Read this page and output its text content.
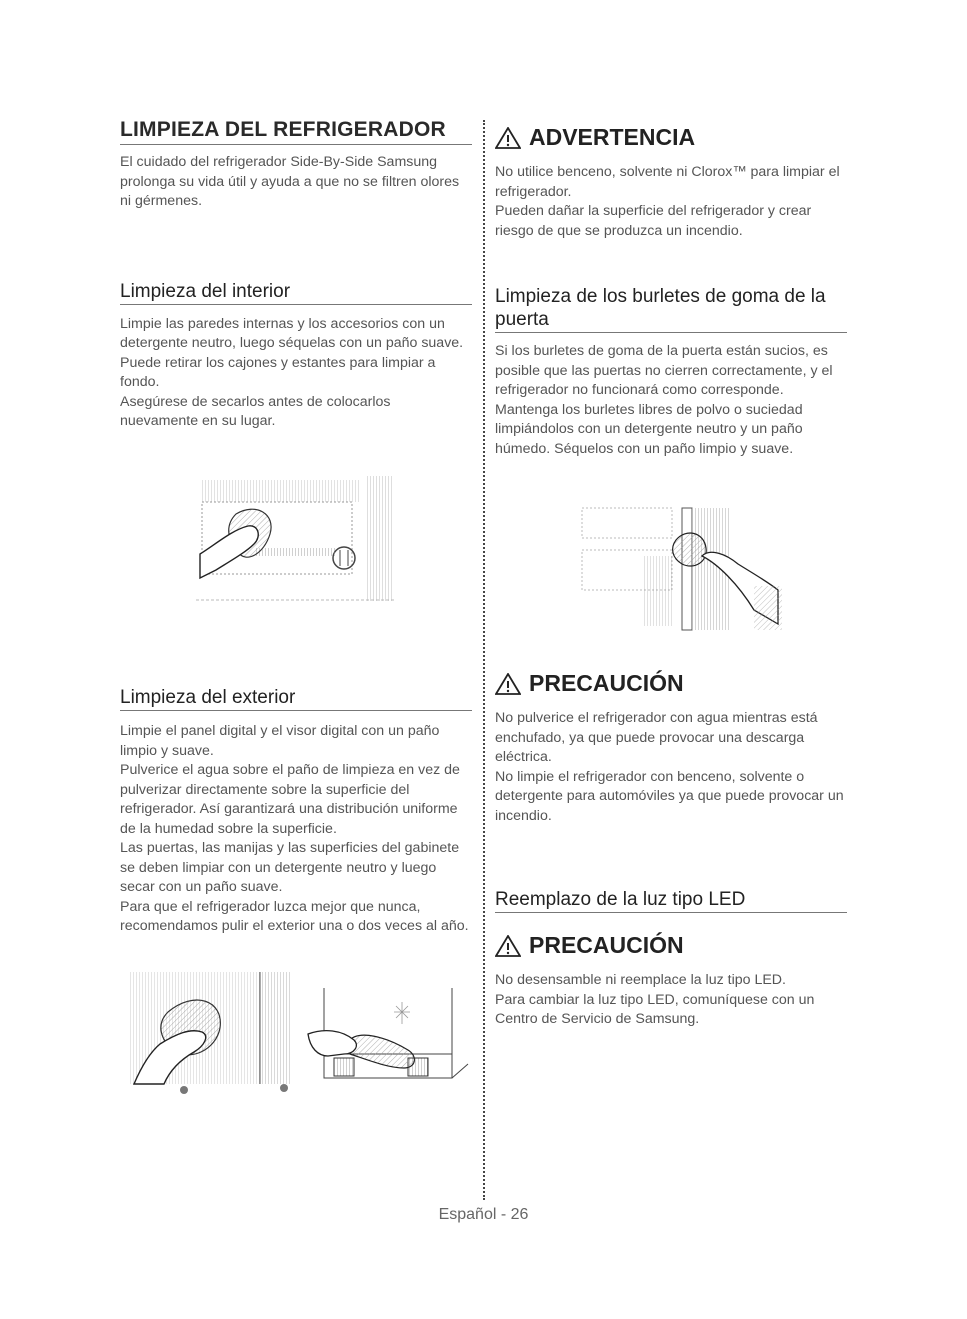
LIMPIEZA DEL REFRIGERADOR

El cuidado del refrigerador Side-By-Side Samsung prolonga su vida útil y ayuda a que no se filtren olores ni gérmenes.

Limpieza del interior

Limpie las paredes internas y los accesorios con un detergente neutro, luego séquelas con un paño suave.

Puede retirar los cajones y estantes para limpiar a fondo.

Asegúrese de secarlos antes de colocarlos nuevamente en su lugar.

Limpieza del exterior

Limpie el panel digital y el visor digital con un paño limpio y suave.

Pulverice el agua sobre el paño de limpieza en vez de pulverizar directamente sobre la superficie del refrigerador. Así garantizará una distribución uniforme de la humedad sobre la superficie.

Las puertas, las manijas y las superficies del gabinete se deben limpiar con un detergente neutro y luego secar con un paño suave.

Para que el refrigerador luzca mejor que nunca, recomendamos pulir el exterior una o dos veces al año.

ADVERTENCIA

No utilice benceno, solvente ni Clorox™ para limpiar el refrigerador.

Pueden dañar la superficie del refrigerador y crear riesgo de que se produzca un incendio.

Limpieza de los burletes de goma de la puerta

Si los burletes de goma de la puerta están sucios, es posible que las puertas no cierren correctamente, y el refrigerador no funcionará como corresponde.

Mantenga los burletes libres de polvo o suciedad limpiándolos con un detergente neutro y un paño húmedo. Séquelos con un paño limpio y suave.

PRECAUCIÓN

No pulverice el refrigerador con agua mientras está enchufado, ya que puede provocar una descarga eléctrica.

No limpie el refrigerador con benceno, solvente o detergente para automóviles ya que puede provocar un incendio.

Reemplazo de la luz tipo LED
PRECAUCIÓN

No desensamble ni reemplace la luz tipo LED.

Para cambiar la luz tipo LED, comuníquese con un Centro de Servicio de Samsung.

Español - 26
